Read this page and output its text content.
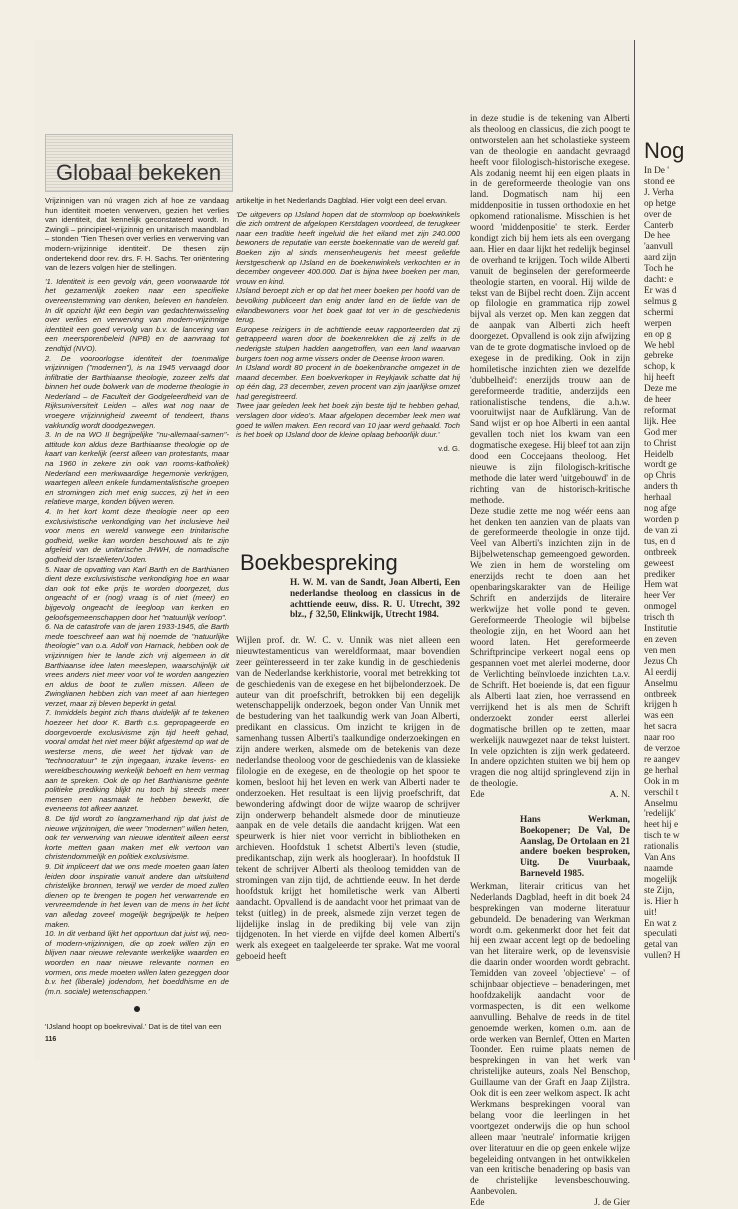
Globaal bekeken

Vrijzinnigen van nú vragen zich af hoe ze vandaag hun identiteit moeten verwerven, gezien het verlies van identiteit, dat kennelijk geconstateerd wordt. In Zwingli – principieel-vrijzinnig en unitarisch maandblad – stonden 'Tien Thesen over verlies en verwerving van modern-vrijzinnige identiteit'. De thesen zijn ondertekend door rev. drs. F. H. Sachs. Ter oriëntering van de lezers volgen hier de stellingen.

'1. Identiteit is een gevolg ván, geen voorwaarde tót het gezamenlijk zoeken naar een specifieke overeenstemming van denken, beleven en handelen. In dit opzicht lijkt een begin van gedachtenwisseling over verlies en verwerving van modern-vrijzinnige identiteit een goed vervolg van b.v. de lancering van een meersporenbeleid (NPB) en de aanvraag tot zendtijd (NVO).

2. De vooroorlogse identiteit der toenmalige vrijzinnigen ("modernen"), is na 1945 vervaagd door infiltratie der Barthiaanse theologie, zozeer zelfs dat binnen het oude bolwerk van de moderne theologie in Nederland – de Faculteit der Godgeleerdheid van de Rijksuniversiteit Leiden – alles wat nog naar de vroegere vrijzinnigheid zweemt of tendeert, thans vakkundig wordt doodgezwegen.

3. In de na WO II begrijpelijke "nu-allemaal-samen"-attitude kon aldus deze Barthiaanse theologie op de kaart van kerkelijk (eerst alleen van protestants, maar na 1960 in zekere zin ook van rooms-katholiek) Nederland een merkwaardige hegemonie verkrijgen, waartegen alleen enkele fundamentalistische groepen en stromingen zich met enig succes, zij het in een relatieve marge, konden blijven weren.

4. In het kort komt deze theologie neer op een exclusivistische verkondiging van het inclusieve heil voor mens en wereld vanwege een trinitarische godheid, welke kan worden beschouwd als te zijn afgeleid van de unitarische JHWH, de nomadische godheid der Israëlieten/Joden.

5. Naar de opvatting van Karl Barth en de Barthianen dient deze exclusivistische verkondiging hoe en waar dan ook tot elke prijs te worden doorgezet, dus ongeacht of er (nog) vraag is of niet (meer) en bijgevolg ongeacht de leegloop van kerken en geloofsgemeenschappen door het "natuurlijk verloop".

6. Na de catastrofe van de jaren 1933-1945, die Barth mede toeschreef aan wat hij noemde de "natuurlijke theologie" van o.a. Adolf von Harnack, hebben ook de vrijzinnigen hier te lande zich vrij algemeen in dit Barthiaanse idee laten meeslepen, waarschijnlijk uit vrees anders niet meer voor vol te worden aangezien en aldus de boot te zullen missen. Alleen de Zwinglianen hebben zich van meet af aan hiertegen verzet, maar zij bleven beperkt in getal.

7. Inmiddels begint zich thans duidelijk af te tekenen hoezeer het door K. Barth c.s. gepropageerde en doorgevoerde exclusivisme zijn tijd heeft gehad, vooral omdat het niet meer blijkt afgestemd op wat de westerse mens, die weet het tijdvak van de "technocratuur" te zijn ingegaan, inzake levens- en wereldbeschouwing werkelijk behoeft en hem vermag aan te spreken. Ook de op het Barthianisme geënte politieke prediking blijkt nu toch bij steeds meer mensen een nasmaak te hebben bewerkt, die eveneens tot afkeer aanzet.

8. De tijd wordt zo langzamerhand rijp dat juist de nieuwe vrijzinnigen, die weer "modernen" willen heten, ook ter verwerving van nieuwe identiteit alleen eerst korte metten gaan maken met elk vertoon van christendommelijk en politiek exclusivisme.

9. Dit impliceert dat we ons mede moeten gaan laten leiden door inspiratie vanuit andere dan uitsluitend christelijke bronnen, terwijl we verder de moed zullen dienen op te brengen te pogen het verwarrende en vervreemdende in het leven van de mens in het licht van alledag zoveel mogelijk begrijpelijk te helpen maken.

10. In dit verband lijkt het opportuun dat juist wij, neo- of modern-vrijzinnigen, die op zoek willen zijn en blijven naar nieuwe relevante werkelijke waarden en woorden en naar nieuwe relevante normen en vormen, ons mede moeten willen laten gezeggen door b.v. het (liberale) jodendom, het boeddhisme en de (m.n. sociale) wetenschappen.'

'IJsland hoopt op boekrevival.' Dat is de titel van een

artikeltje in het Nederlands Dagblad. Hier volgt een deel ervan.

'De uitgevers op IJsland hopen dat de stormloop op boekwinkels die zich omtrent de afgelopen Kerstdagen voordeed, de terugkeer naar een traditie heeft ingeluid die het eiland met zijn 240.000 bewoners de reputatie van eerste boekennatie van de wereld gaf. Boeken zijn al sinds mensenheugenis het meest geliefde kerstgeschenk op IJsland en de boekenwinkels verkochten er in december ongeveer 400.000. Dat is bijna twee boeken per man, vrouw en kind.

IJsland beroept zich er op dat het meer boeken per hoofd van de bevolking publiceert dan enig ander land en de liefde van de eilandbewoners voor het boek gaat tot ver in de geschiedenis terug.

Europese reizigers in de achttiende eeuw rapporteerden dat zij getrappeerd waren door de boekenrekken die zij zelfs in de nederigste stulpen hadden aangetroffen, van een land waarvan burgers toen nog arme vissers onder de Deense kroon waren.

In IJsland wordt 80 procent in de boekenbranche omgezet in de maand december. Een boekverkoper in Reykjavik schatte dat hij op één dag, 23 december, zeven procent van zijn jaarlijkse omzet had geregistreerd.

Twee jaar geleden leek het boek zijn beste tijd te hebben gehad, verslagen door video's. Maar afgelopen december leek men wat goed te willen maken. Een record van 10 jaar werd gehaald. Toch is het boek op IJsland door de kleine oplaag behoorlijk duur.'

v.d. G.
Boekbespreking
H. W. M. van de Sandt, Joan Alberti, Een nederlandse theoloog en classicus in de achttiende eeuw, diss. R. U. Utrecht, 392 blz., ƒ 32,50, Elinkwijk, Utrecht 1984.

Wijlen prof. dr. W. C. v. Unnik was niet alleen een nieuwtestamenticus van wereldformaat, maar bovendien zeer geïnteresseerd in ter zake kundig in de geschiedenis van de Nederlandse kerkhistorie, vooral met betrekking tot de geschiedenis van de exegese en het bijbelonderzoek. De auteur van dit proefschrift, betrokken bij een degelijk wetenschappelijk onderzoek, begon onder Van Unnik met de bestudering van het taalkundig werk van Joan Alberti, predikant en classicus. Om inzicht te krijgen in de samenhang tussen Alberti's taalkundige onderzoekingen en zijn andere werken, alsmede om de betekenis van deze nederlandse theoloog voor de geschiedenis van de klassieke filologie en de exegese, en de theologie op het spoor te komen, besloot hij het leven en werk van Alberti nader te onderzoeken. Het resultaat is een lijvig proefschrift, dat bewondering afdwingt door de wijze waarop de schrijver zijn onderwerp behandelt alsmede door de minutieuze aanpak en de vele details die aandacht krijgen. Wat een speurwerk is hier niet voor verricht in bibliotheken en archieven. Hoofdstuk 1 schetst Alberti's leven (studie, predikantschap, zijn werk als hoogleraar). In hoofdstuk II tekent de schrijver Alberti als theoloog temidden van de stromingen van zijn tijd, de achttiende eeuw. In het derde hoofdstuk krijgt het homiletische werk van Alberti aandacht. Opvallend is de aandacht voor het primaat van de tekst (uitleg) in de preek, alsmede zijn verzet tegen de lijdelijke inslag in de prediking bij vele van zijn tijdgenoten. In het vierde en vijfde deel komen Alberti's werk als exegeet en taalgeleerde ter sprake. Wat me vooral geboeid heeft

in deze studie is de tekening van Alberti als theoloog en classicus, die zich poogt te ontworstelen aan het scholastieke systeem van de theologie en aandacht gevraagd heeft voor filologisch-historische exegese. Als zodanig neemt hij een eigen plaats in in de gereformeerde theologie van ons land. Dogmatisch nam hij een middenpositie in tussen orthodoxie en het opkomend rationalisme. Misschien is het woord 'middenpositie' te sterk. Eerder kondigt zich bij hem iets als een overgang aan. Hier en daar lijkt het redelijk beginsel de overhand te krijgen. Toch wilde Alberti vanuit de beginselen der gereformeerde theologie starten, en vooral. Hij wilde de tekst van de Bijbel recht doen. Zijn accent op filologie en grammatica rijp zowel bijval als verzet op. Men kan zeggen dat de aanpak van Alberti zich heeft doorgezet. Opvallend is ook zijn afwijzing van de te grote dogmatische invloed op de exegese in de prediking. Ook in zijn homiletische inzichten zien we dezelfde 'dubbelheid': enerzijds trouw aan de gereformeerde traditie, anderzijds een rationalistische tendens, die a.h.w. vooruitwijst naar de Aufklärung. Van de Sand wijst er op hoe Alberti in een aantal gevallen toch niet los kwam van een dogmatische exegese. Hij bleef tot aan zijn dood een Coccejaans theoloog. Het nieuwe is zijn filologisch-kritische methode die later werd 'uitgebouwd' in de richting van de historisch-kritische methode.

Deze studie zette me nog wéér eens aan het denken ten aanzien van de plaats van de gereformeerde theologie in onze tijd. Veel van Alberti's inzichten zijn in de Bijbelwetenschap gemeengoed geworden. We zien in hem de worsteling om enerzijds recht te doen aan het openbaringskarakter van de Heilige Schrift en anderzijds de literaire werkwijze het volle pond te geven. Gereformeerde Theologie wil bijbelse theologie zijn, en het Woord aan het woord laten. Het gereformeerde Schriftprincipe verkeert nogal eens op gespannen voet met alerlei moderne, door de Verlichting beïnvloede inzichten t.a.v. de Schrift. Het boeiende is, dat een figuur als Alberti laat zien, hoe verrassend en verrijkend het is als men de Schrift onderzoekt zonder eerst allerlei dogmatische brillen op te zetten, maar werkelijk nauwgezet naar de tekst luistert. In vele opzichten is zijn werk gedateerd. In andere opzichten stuiten we bij hem op vragen die nog altijd springlevend zijn in de theologie.

Ede	A. N.
Hans Werkman, Boekopener; De Val, De Aanslag, De Ortolaan en 21 andere boeken besproken, Uitg. De Vuurbaak, Barneveld 1985.

Werkman, literair criticus van het Nederlands Dagblad, heeft in dit boek 24 besprekingen van moderne literatuur gebundeld. De benadering van Werkman wordt o.m. gekenmerkt door het feit dat hij een zwaar accent legt op de bedoeling van het literaire werk, op de levensvisie die daarin onder woorden wordt gebracht. Temidden van zoveel 'objectieve' – of schijnbaar objectieve – benaderingen, met hoofdzakelijk aandacht voor de vormaspecten, is dit een welkome aanvulling. Behalve de reeds in de titel genoemde werken, komen o.m. aan de orde werken van Bernlef, Otten en Marten Toonder. Een ruime plaats nemen de besprekingen in van het werk van christelijke auteurs, zoals Nel Benschop, Guillaume van der Graft en Jaap Zijlstra. Ook dit is een zeer welkom aspect. Ik acht Werkmans besprekingen vooral van belang voor die leerlingen in het voortgezet onderwijs die op hun school alleen maar 'neutrale' informatie krijgen over literatuur en die op geen enkele wijze begeleiding ontvangen in het ontwikkelen van een kritische benadering op basis van de christelijke levensbeschouwing. Aanbevolen.

Ede	J. de Gier
116
Nog
In De '
stond ee
J. Verha
op hetge
over de
Canterb
De hee
'aanvull
aard zijn
Toch he
dacht: e
Er was d
selmus g
schermi
werpen
en op g
We hebl
gebreke
schop, k
hij heeft
Deze me
de heer
reformat
lijk. Hee
God mer
to Christ
Heidelb
wordt ge
op Chris
anders th
herhaal
nog afge
worden p
de van zi
tus, en d
ontbreek
geweest
prediker
Hem wat
heer Ver
onmogel
trisch th
Institutie
en zeven
ven men
Jezus Ch
Al eerdij
Anselmu
ontbreek
krijgen h
was een
het sacra
naar roo
de verzoe
re aangev
ge herhal
Ook in m
verschil t
Anselmu
'redelijk'
heet hij e
tisch te w
rationalis
Van Ans
naamde
mogelijk
ste Zijn,
is. Hier h
uit!
En wat z
speculati
getal van
vullen? H
